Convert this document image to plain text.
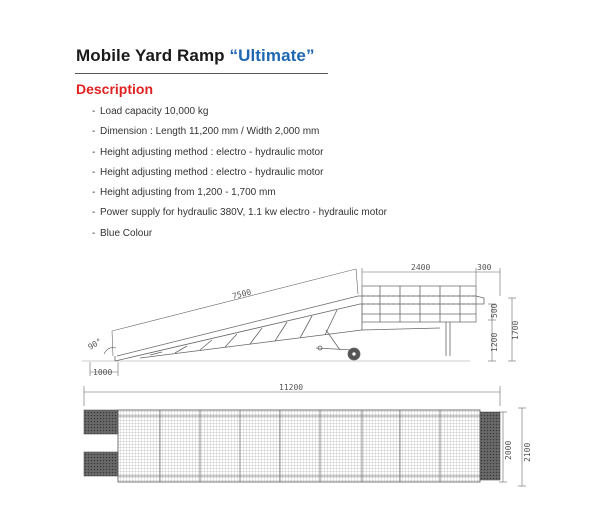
Mobile Yard Ramp “Ultimate”
Description
- Load capacity 10,000 kg
- Dimension : Length 11,200 mm / Width 2,000 mm
- Height adjusting method : electro - hydraulic motor
- Height adjusting method : electro - hydraulic motor
- Height adjusting from 1,200 - 1,700 mm
- Power supply for hydraulic 380V, 1.1 kw electro - hydraulic motor
- Blue Colour
7500
2400	300
90°
1000
500
1200
1700
11200
2000 2100
